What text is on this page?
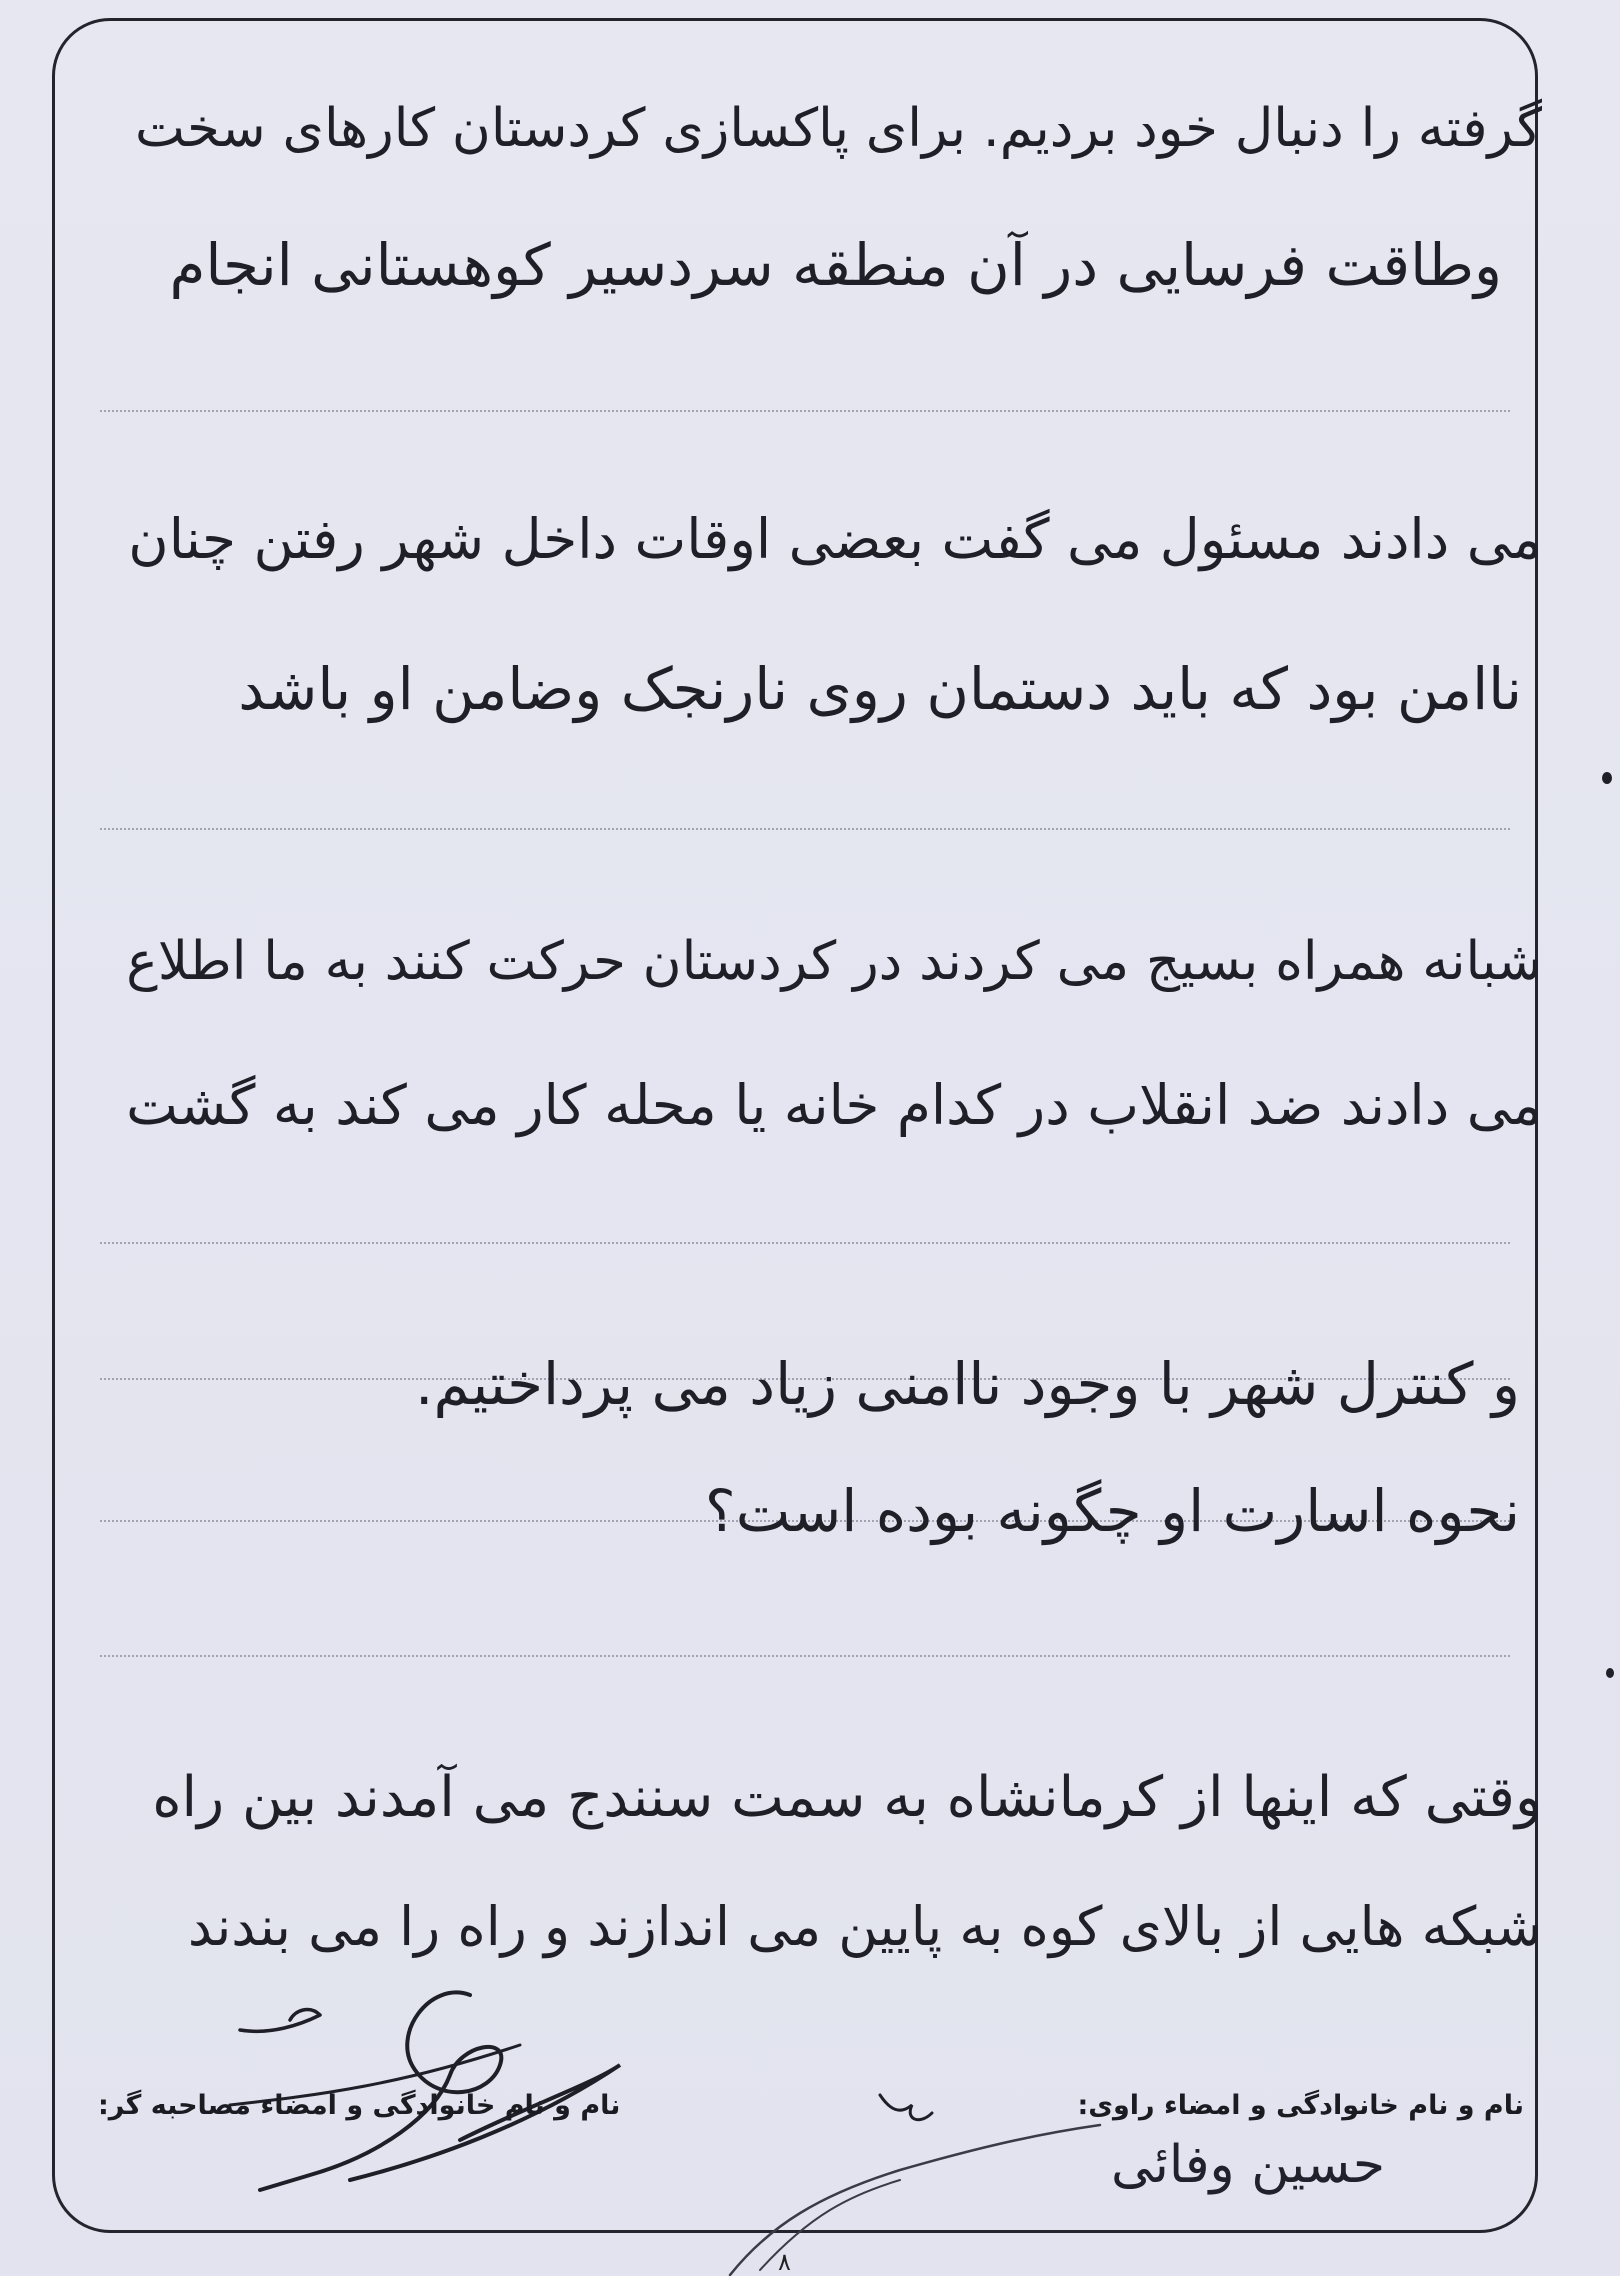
گرفته را دنبال خود بردیم. برای پاکسازی کردستان کارهای سخت
وطاقت فرسایی در آن منطقه سردسیر کوهستانی انجام
می دادند مسئول می گفت بعضی اوقات داخل شهر رفتن چنان
ناامن بود که باید دستمان روی نارنجک وضامن او باشد
شبانه همراه بسیج می کردند در کردستان حرکت کنند به ما اطلاع
می دادند ضد انقلاب در کدام خانه یا محله کار می کند به گشت
و کنترل شهر با وجود ناامنی زیاد می پرداختیم.
نحوه اسارت او چگونه بوده است؟
وقتی که اینها از کرمانشاه به سمت سنندج می آمدند بین راه
شبکه هایی از بالای کوه به پایین می اندازند و راه را می بندند
نام و نام خانوادگی و امضاء مصاحبه گر:	نام و نام خانوادگی و امضاء راوی:
حسین وفائی
۸
